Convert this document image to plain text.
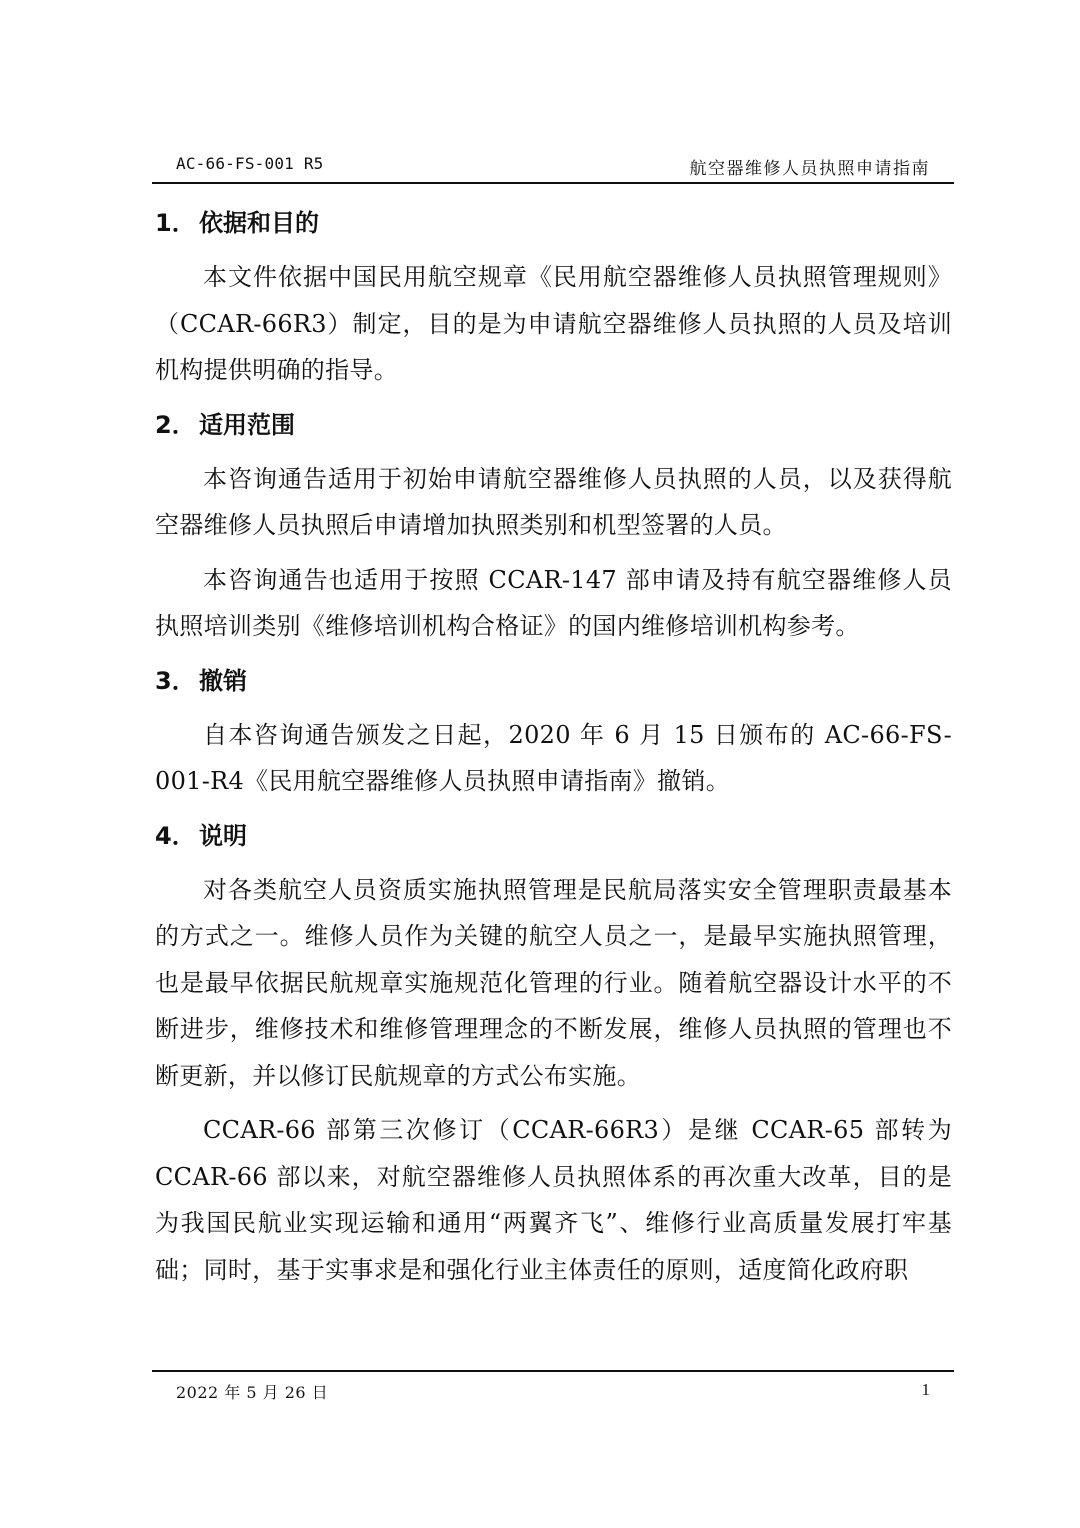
AC-66-FS-001 R5	航空器维修人员执照申请指南
1． 依据和目的

本文件依据中国民用航空规章《民用航空器维修人员执照管理规则》（CCAR-66R3）制定，目的是为申请航空器维修人员执照的人员及培训机构提供明确的指导。

2． 适用范围

本咨询通告适用于初始申请航空器维修人员执照的人员，以及获得航空器维修人员执照后申请增加执照类别和机型签署的人员。

本咨询通告也适用于按照 CCAR-147 部申请及持有航空器维修人员执照培训类别《维修培训机构合格证》的国内维修培训机构参考。

3． 撤销

自本咨询通告颁发之日起，2020 年 6 月 15 日颁布的 AC-66-FS-001-R4《民用航空器维修人员执照申请指南》撤销。

4． 说明

对各类航空人员资质实施执照管理是民航局落实安全管理职责最基本的方式之一。维修人员作为关键的航空人员之一，是最早实施执照管理，也是最早依据民航规章实施规范化管理的行业。随着航空器设计水平的不断进步，维修技术和维修管理理念的不断发展，维修人员执照的管理也不断更新，并以修订民航规章的方式公布实施。

CCAR-66 部第三次修订（CCAR-66R3）是继 CCAR-65 部转为 CCAR-66 部以来，对航空器维修人员执照体系的再次重大改革，目的是为我国民航业实现运输和通用“两翼齐飞”、维修行业高质量发展打牢基础；同时，基于实事求是和强化行业主体责任的原则，适度简化政府职

2022 年 5 月 26 日	1
